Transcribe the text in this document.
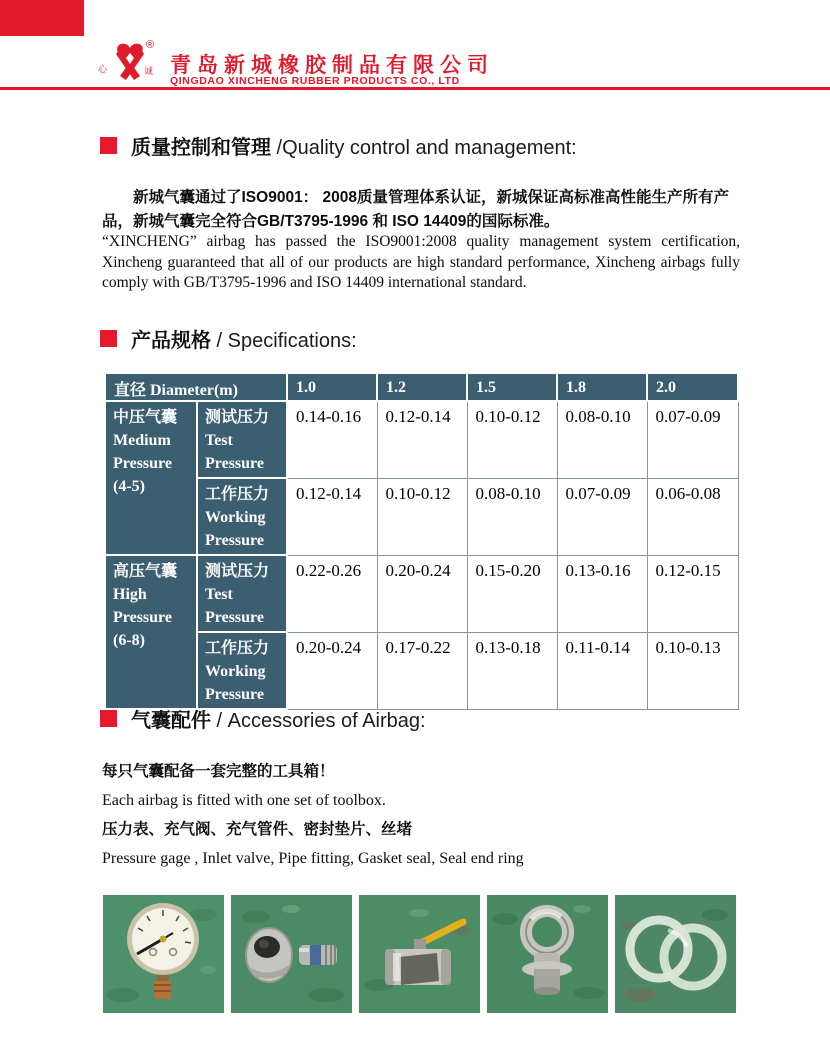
心	诚
®
青岛新城橡胶制品有限公司
QINGDAO XINCHENG RUBBER PRODUCTS CO., LTD
质量控制和管理 /Quality control and management:

新城气囊通过了ISO9001： 2008质量管理体系认证，新城保证高标准高性能生产所有产品，新城气囊完全符合GB/T3795-1996 和 ISO 14409的国际标准。

“XINCHENG” airbag has passed the ISO9001:2008 quality management system certification, Xincheng guaranteed that all of our products are high standard performance, Xincheng airbags fully comply with GB/T3795-1996 and ISO 14409 international standard.

产品规格 / Specifications:
直径 Diameter(m)		1.0	1.2	1.5	1.8	2.0

中压气囊
Medium Pressure
(4-5)	测试压力
Test Pressure	0.14-0.16	0.12-0.14	0.10-0.12	0.08-0.10	0.07-0.09

	工作压力
Working Pressure	0.12-0.14	0.10-0.12	0.08-0.10	0.07-0.09	0.06-0.08

高压气囊
High Pressure
(6-8)	测试压力
Test Pressure	0.22-0.26	0.20-0.24	0.15-0.20	0.13-0.16	0.12-0.15

	工作压力
Working Pressure	0.20-0.24	0.17-0.22	0.13-0.18	0.11-0.14	0.10-0.13
气囊配件 / Accessories of Airbag:
每只气囊配备一套完整的工具箱！
Each airbag is fitted with one set of toolbox.
压力表、充气阀、充气管件、密封垫片、丝堵
Pressure gage , Inlet valve, Pipe fitting, Gasket seal, Seal end ring
